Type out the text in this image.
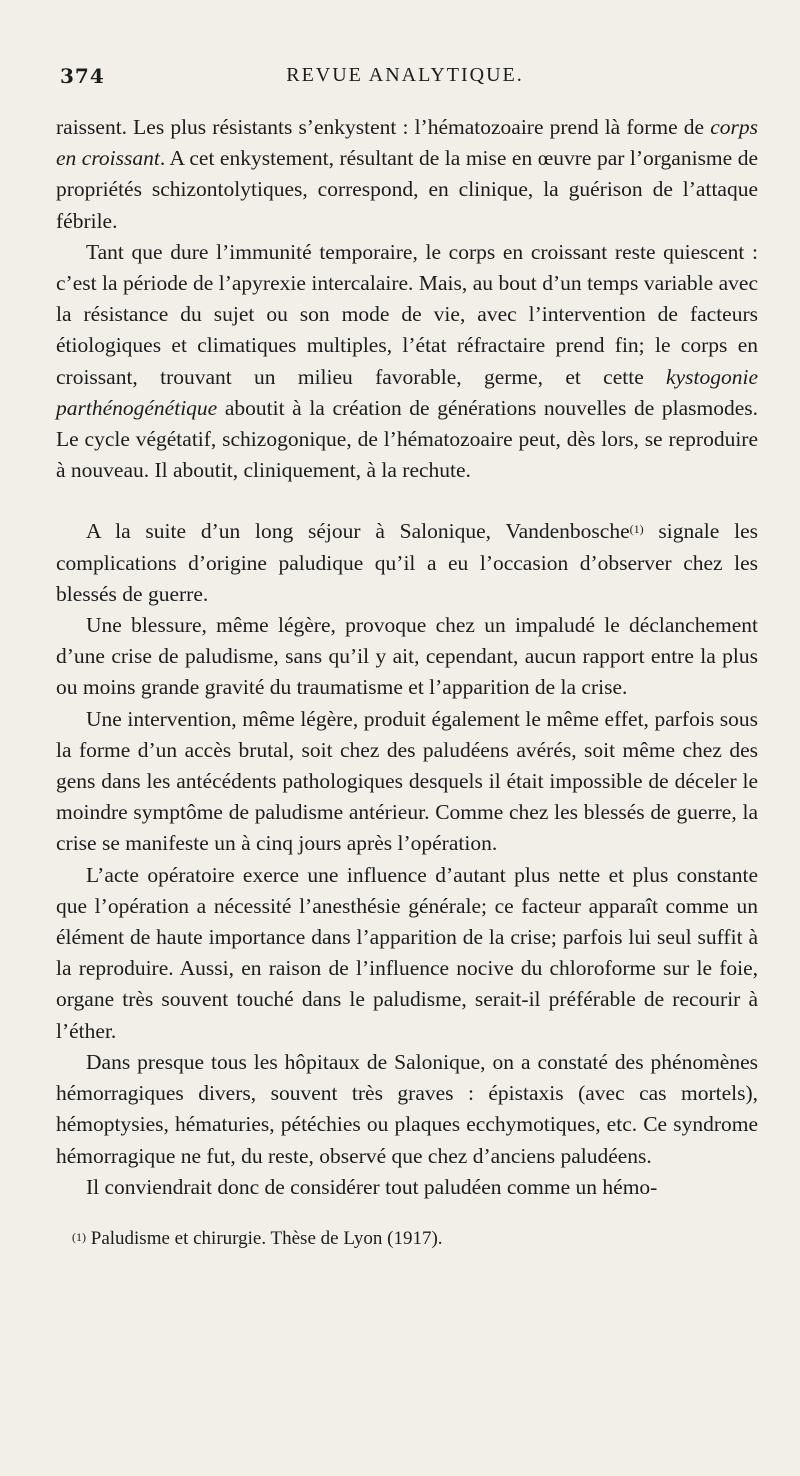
374	REVUE ANALYTIQUE.

raissent. Les plus résistants s’enkystent : l’hématozoaire prend là forme de corps en croissant. A cet enkystement, résultant de la mise en œuvre par l’organisme de propriétés schizontolytiques, correspond, en clinique, la guérison de l’attaque fébrile.

Tant que dure l’immunité temporaire, le corps en croissant reste quiescent : c’est la période de l’apyrexie intercalaire. Mais, au bout d’un temps variable avec la résistance du sujet ou son mode de vie, avec l’intervention de facteurs étiologiques et climatiques multiples, l’état réfractaire prend fin; le corps en croissant, trouvant un milieu favorable, germe, et cette kystogonie parthénogénétique aboutit à la création de générations nouvelles de plasmodes. Le cycle végétatif, schizogonique, de l’hématozoaire peut, dès lors, se reproduire à nouveau. Il aboutit, cliniquement, à la rechute.

A la suite d’un long séjour à Salonique, Vandenbosche$^{(1)}$ signale les complications d’origine paludique qu’il a eu l’occasion d’observer chez les blessés de guerre.

Une blessure, même légère, provoque chez un impaludé le déclanchement d’une crise de paludisme, sans qu’il y ait, cependant, aucun rapport entre la plus ou moins grande gravité du traumatisme et l’apparition de la crise.

Une intervention, même légère, produit également le même effet, parfois sous la forme d’un accès brutal, soit chez des paludéens avérés, soit même chez des gens dans les antécédents pathologiques desquels il était impossible de déceler le moindre symptôme de paludisme antérieur. Comme chez les blessés de guerre, la crise se manifeste un à cinq jours après l’opération.

L’acte opératoire exerce une influence d’autant plus nette et plus constante que l’opération a nécessité l’anesthésie générale; ce facteur apparaît comme un élément de haute importance dans l’apparition de la crise; parfois lui seul suffit à la reproduire. Aussi, en raison de l’influence nocive du chloroforme sur le foie, organe très souvent touché dans le paludisme, serait-il préférable de recourir à l’éther.

Dans presque tous les hôpitaux de Salonique, on a constaté des phénomènes hémorragiques divers, souvent très graves : épistaxis (avec cas mortels), hémoptysies, hématuries, pétéchies ou plaques ecchymotiques, etc. Ce syndrome hémorragique ne fut, du reste, observé que chez d’anciens paludéens.

Il conviendrait donc de considérer tout paludéen comme un hémo-

$^{(1)}$ Paludisme et chirurgie. Thèse de Lyon (1917).
